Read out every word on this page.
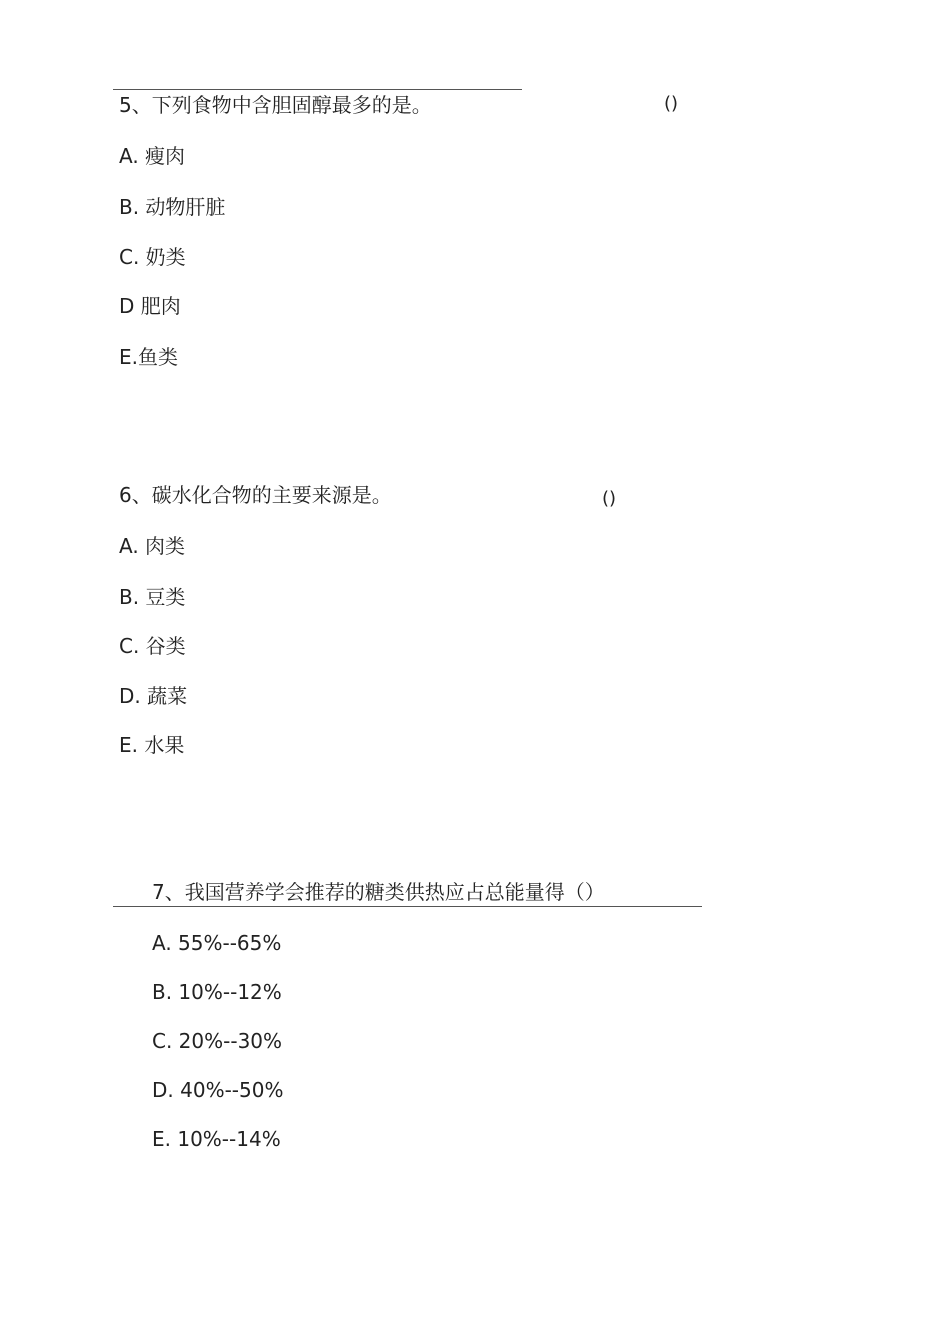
5、下列食物中含胆固醇最多的是。	()
A. 瘦肉
B. 动物肝脏
C. 奶类
D 肥肉
E.鱼类
6、碳水化合物的主要来源是。	()
A. 肉类
B. 豆类
C. 谷类
D. 蔬菜
E. 水果
7、我国营养学会推荐的糖类供热应占总能量得（）
A. 55%--65%
B. 10%--12%
C. 20%--30%
D. 40%--50%
E. 10%--14%
